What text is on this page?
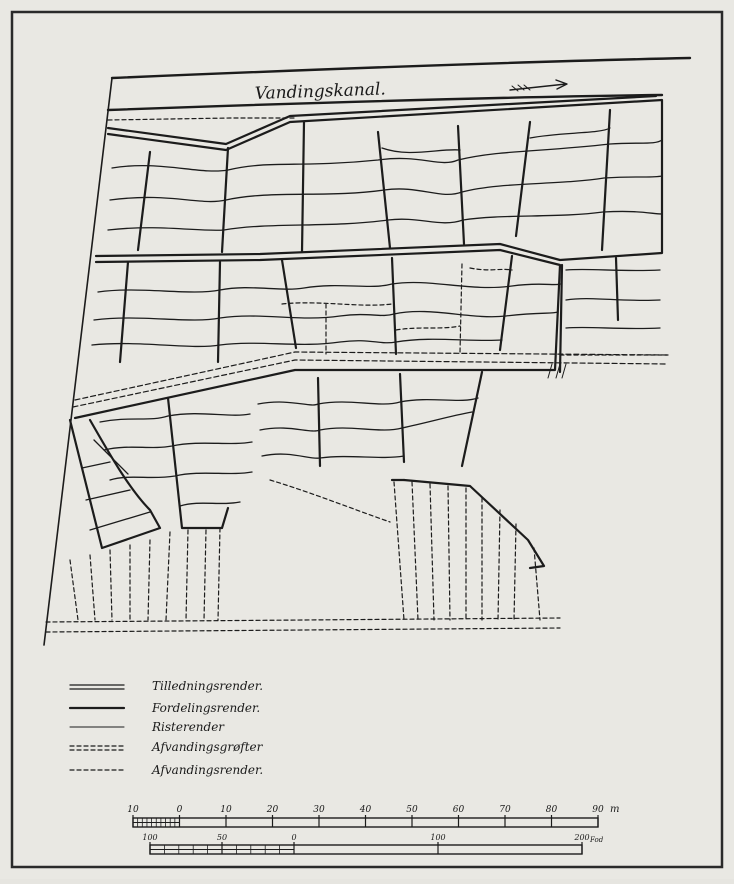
Vandingskanal.
Tilledningsrender.
Fordelingsrender.
Risterender
Afvandingsgrøfter
Afvandingsrender.
10	0	10	20	30	40	50	60	70	80	90 m
100	50	0	100	200 Fod
